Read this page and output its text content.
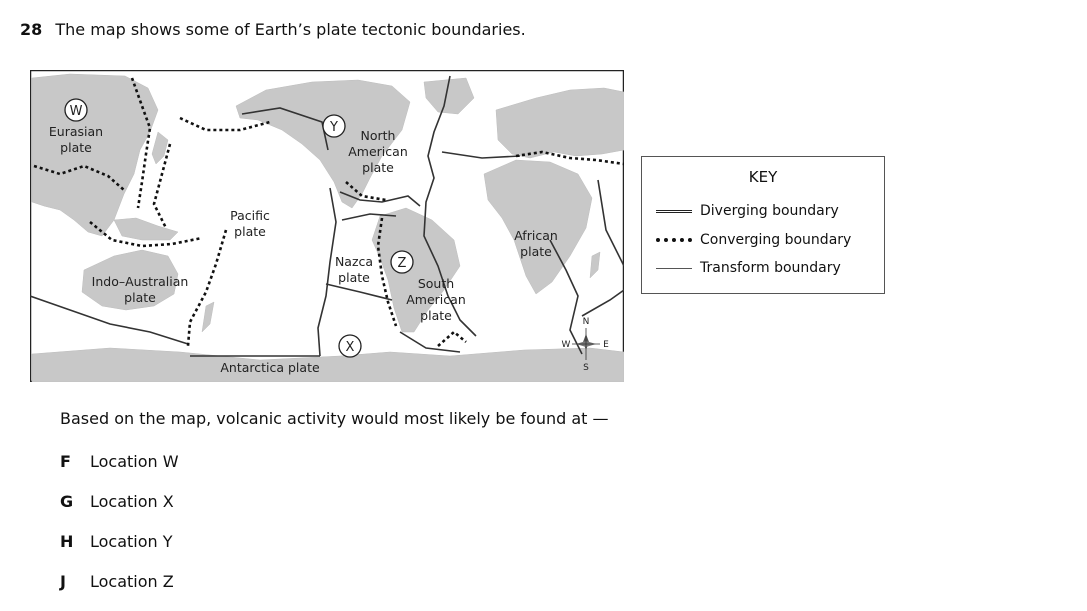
28 The map shows some of Earth’s plate tectonic boundaries.
Eurasian plate
North American plate
Pacific plate
Nazca plate
African plate
Indo–Australian plate
South American plate
Antarctica plate
W
Y
Z
X
N
S
W	E
KEY
Diverging boundary
Converging boundary
Transform boundary
Based on the map, volcanic activity would most likely be found at —
F Location W
G Location X
H Location Y
J Location Z
